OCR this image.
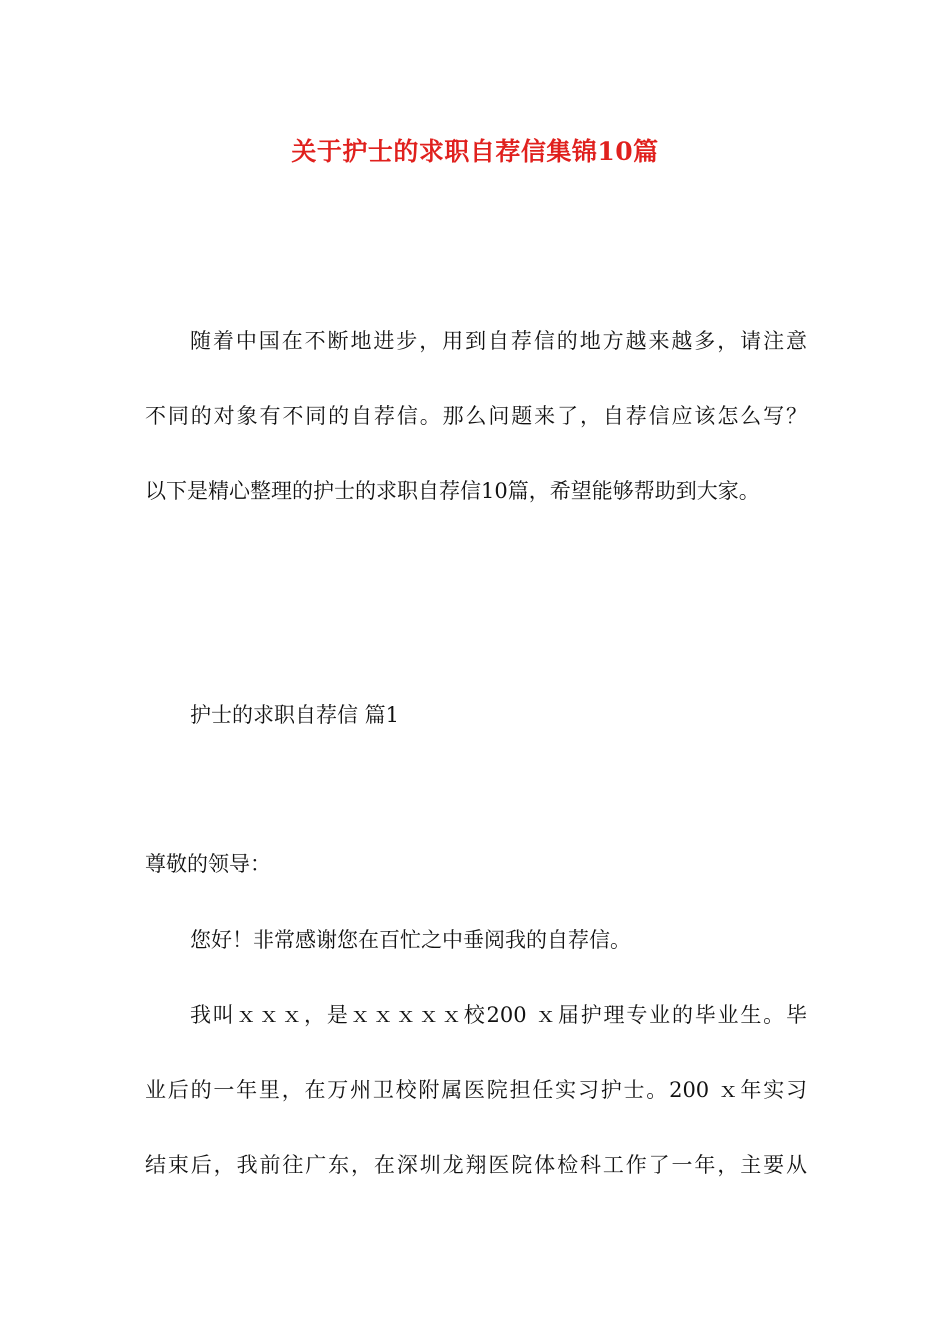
关于护士的求职自荐信集锦10篇
随着中国在不断地进步，用到自荐信的地方越来越多，请注意
不同的对象有不同的自荐信。那么问题来了，自荐信应该怎么写？
以下是精心整理的护士的求职自荐信10篇，希望能够帮助到大家。
护士的求职自荐信 篇1
尊敬的领导：
您好！非常感谢您在百忙之中垂阅我的自荐信。
我叫ｘｘｘ，是ｘｘｘｘｘ校200 ｘ届护理专业的毕业生。毕
业后的一年里，在万州卫校附属医院担任实习护士。200 ｘ年实习
结束后，我前往广东，在深圳龙翔医院体检科工作了一年，主要从
